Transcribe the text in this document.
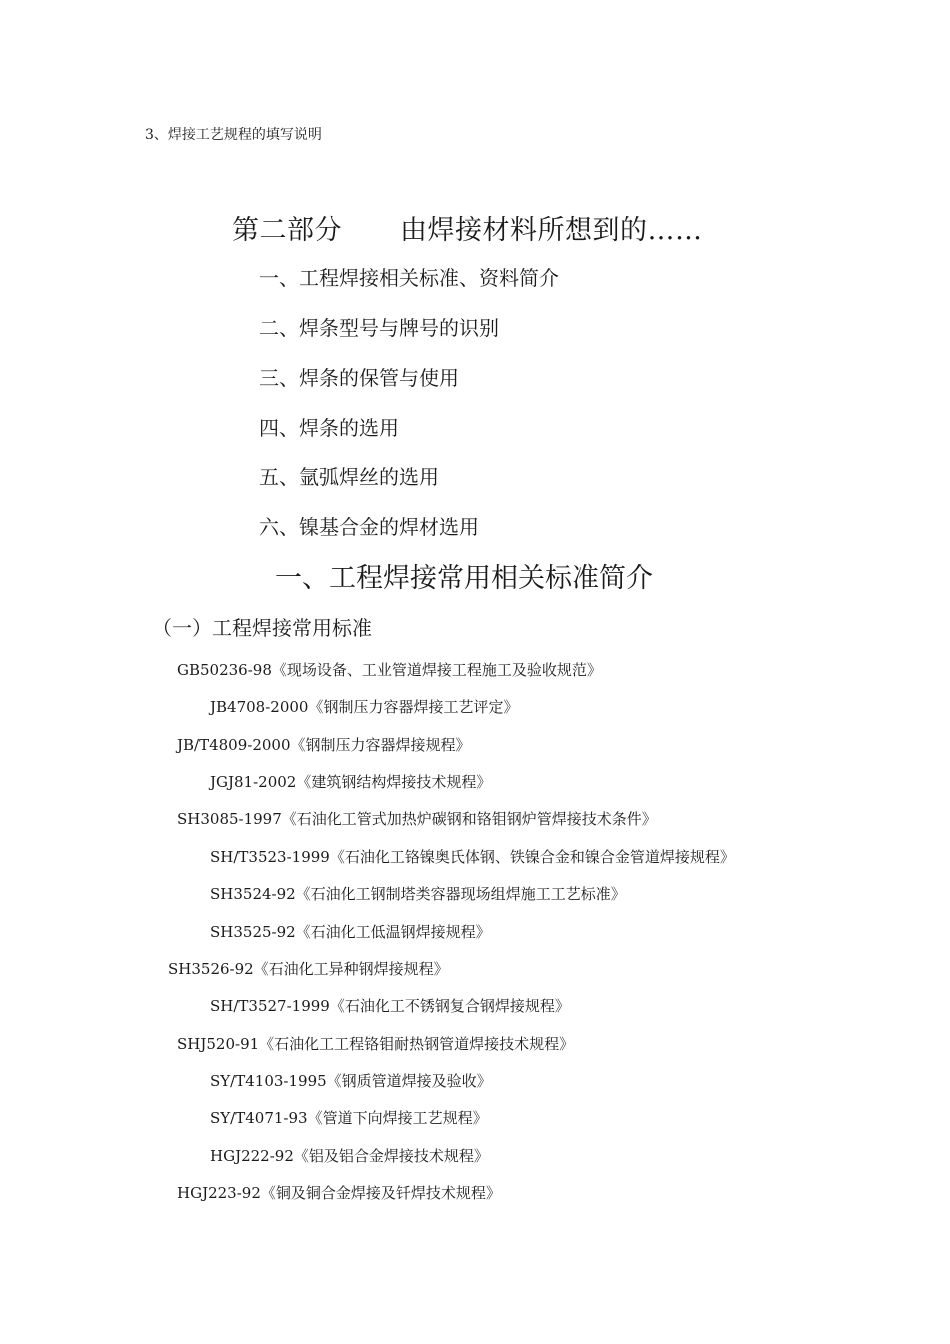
3、焊接工艺规程的填写说明

第二部分 由焊接材料所想到的……

一、工程焊接相关标准、资料简介

二、焊条型号与牌号的识别

三、焊条的保管与使用

四、焊条的选用

五、氩弧焊丝的选用

六、镍基合金的焊材选用

一、工程焊接常用相关标准简介
（一）工程焊接常用标准

GB50236-98《现场设备、工业管道焊接工程施工及验收规范》

JB4708-2000《钢制压力容器焊接工艺评定》

JB/T4809-2000《钢制压力容器焊接规程》

JGJ81-2002《建筑钢结构焊接技术规程》

SH3085-1997《石油化工管式加热炉碳钢和铬钼钢炉管焊接技术条件》

SH/T3523-1999《石油化工铬镍奥氏体钢、铁镍合金和镍合金管道焊接规程》

SH3524-92《石油化工钢制塔类容器现场组焊施工工艺标准》

SH3525-92《石油化工低温钢焊接规程》

SH3526-92《石油化工异种钢焊接规程》

SH/T3527-1999《石油化工不锈钢复合钢焊接规程》

SHJ520-91《石油化工工程铬钼耐热钢管道焊接技术规程》

SY/T4103-1995《钢质管道焊接及验收》

SY/T4071-93《管道下向焊接工艺规程》

HGJ222-92《铝及铝合金焊接技术规程》

HGJ223-92《铜及铜合金焊接及钎焊技术规程》
